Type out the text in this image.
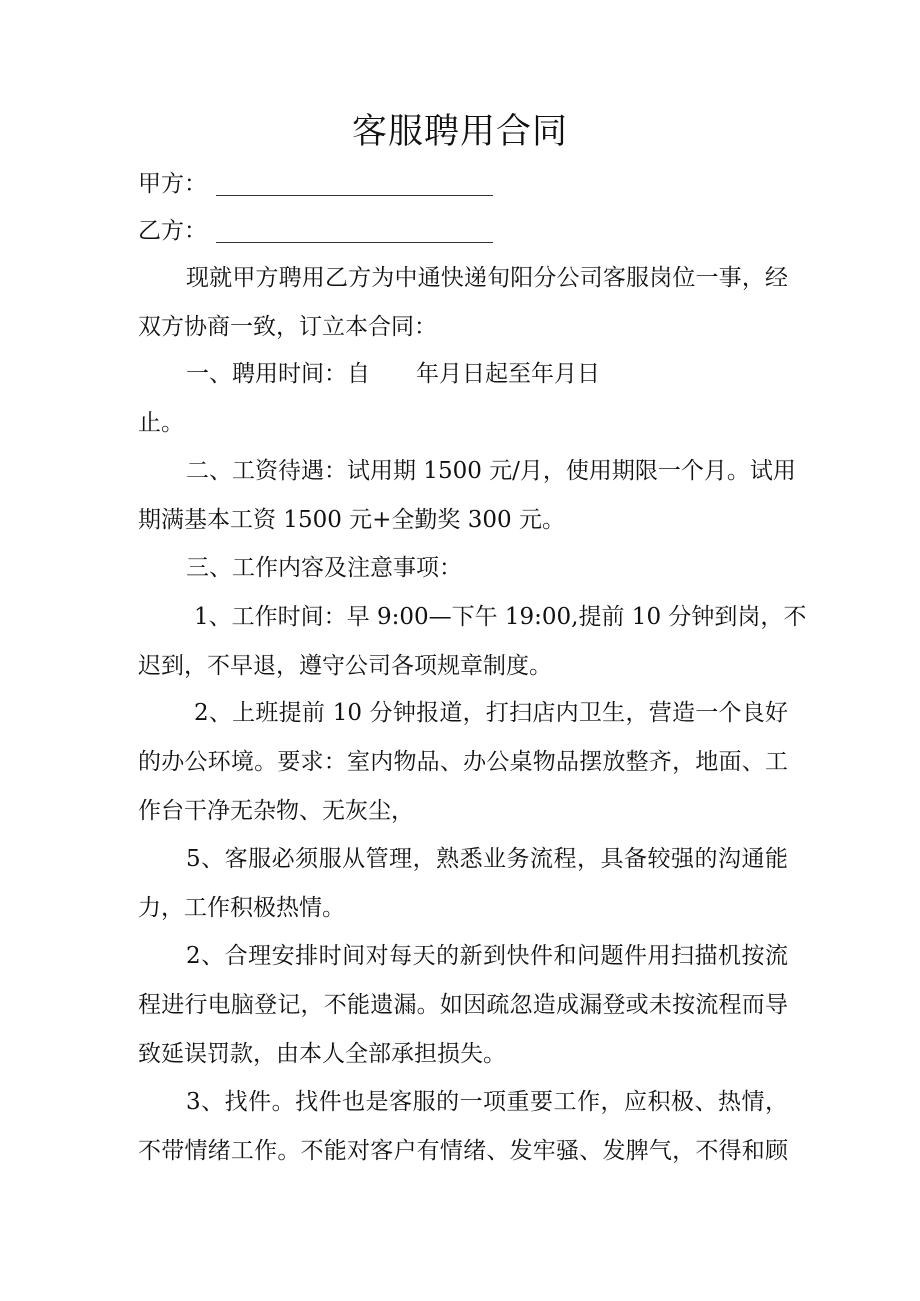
客服聘用合同
甲方：
乙方：
现就甲方聘用乙方为中通快递旬阳分公司客服岗位一事，经
双方协商一致，订立本合同：
一、聘用时间：自　　年月日起至年月日
止。
二、工资待遇：试用期 1500 元/月，使用期限一个月。试用
期满基本工资 1500 元+全勤奖 300 元。
三、工作内容及注意事项：
1、工作时间：早 9:00—下午 19:00,提前 10 分钟到岗，不
迟到，不早退，遵守公司各项规章制度。
2、上班提前 10 分钟报道，打扫店内卫生，营造一个良好
的办公环境。要求：室内物品、办公桌物品摆放整齐，地面、工
作台干净无杂物、无灰尘，
5、客服必须服从管理，熟悉业务流程，具备较强的沟通能
力，工作积极热情。
2、合理安排时间对每天的新到快件和问题件用扫描机按流
程进行电脑登记，不能遗漏。如因疏忽造成漏登或未按流程而导
致延误罚款，由本人全部承担损失。
3、找件。找件也是客服的一项重要工作，应积极、热情，
不带情绪工作。不能对客户有情绪、发牢骚、发脾气，不得和顾
